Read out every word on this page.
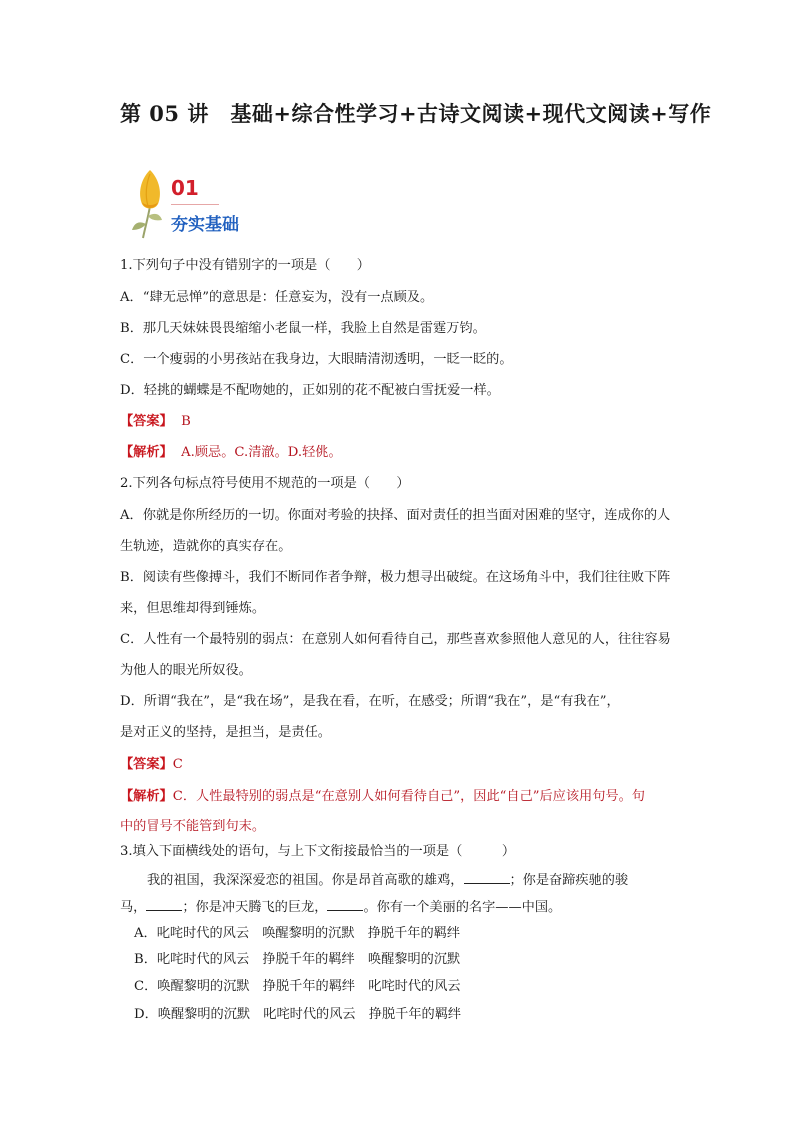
第 05 讲　基础+综合性学习+古诗文阅读+现代文阅读+写作
01
夯实基础
1.下列句子中没有错别字的一项是（　　）
A．“肆无忌惮”的意思是：任意妄为，没有一点顾及。
B．那几天妹妹畏畏缩缩小老鼠一样，我脸上自然是雷霆万钧。
C．一个瘦弱的小男孩站在我身边，大眼睛清沏透明，一眨一眨的。
D．轻挑的蝴蝶是不配吻她的，正如别的花不配被白雪抚爱一样。
【答案】 B
【解析】 A.顾忌。C.清澈。D.轻佻。
2.下列各句标点符号使用不规范的一项是（　　）
A．你就是你所经历的一切。你面对考验的抉择、面对责任的担当面对困难的坚守，连成你的人
生轨迹，造就你的真实存在。
B．阅读有些像搏斗，我们不断同作者争辩，极力想寻出破绽。在这场角斗中，我们往往败下阵
来，但思维却得到锤炼。
C．人性有一个最特别的弱点：在意别人如何看待自己，那些喜欢参照他人意见的人，往往容易
为他人的眼光所奴役。
D．所谓“我在”，是“我在场”，是我在看，在听，在感受；所谓“我在”，是“有我在”，
是对正义的坚持，是担当，是责任。
【答案】C
【解析】C．人性最特别的弱点是“在意别人如何看待自己”，因此“自己”后应该用句号。句
中的冒号不能管到句末。
3.填入下面横线处的语句，与上下文衔接最恰当的一项是（　　　）
我的祖国，我深深爱恋的祖国。你是昂首高歌的雄鸡，	；你是奋蹄疾驰的骏
马，	；你是冲天腾飞的巨龙，	。你有一个美丽的名字——中国。
A．叱咤时代的风云　唤醒黎明的沉默　挣脱千年的羁绊
B．叱咤时代的风云　挣脱千年的羁绊　唤醒黎明的沉默
C．唤醒黎明的沉默　挣脱千年的羁绊　叱咤时代的风云
D．唤醒黎明的沉默　叱咤时代的风云　挣脱千年的羁绊
